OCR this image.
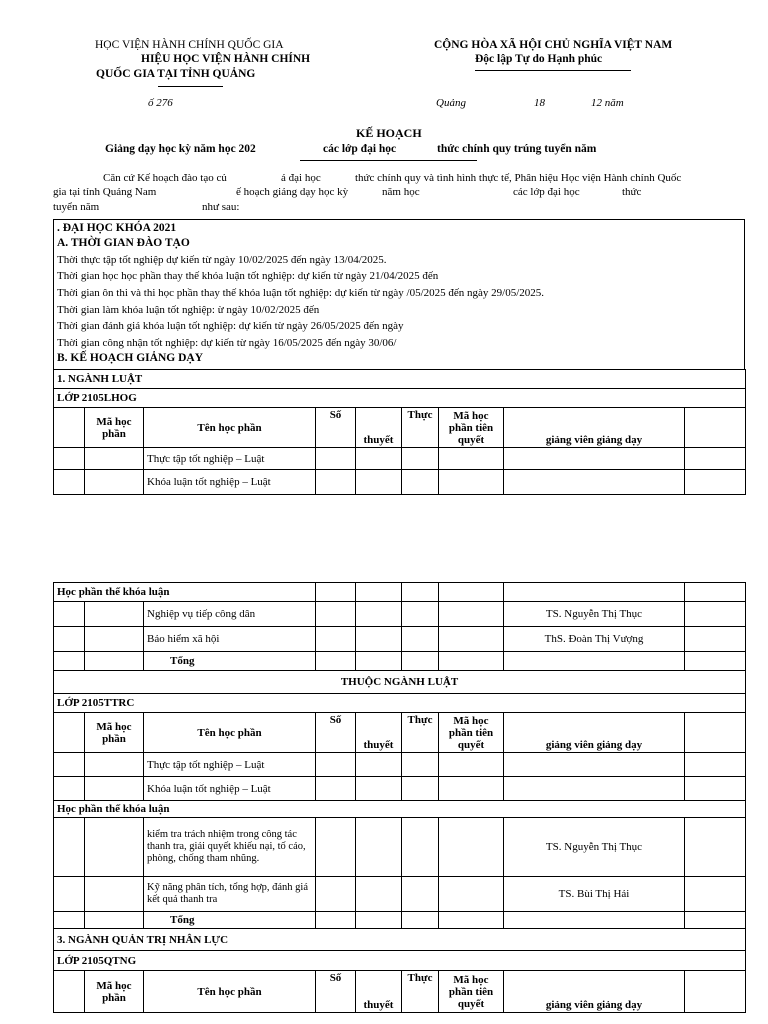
HỌC VIỆN HÀNH CHÍNH QUỐC GIA
HIỆU HỌC VIỆN HÀNH CHÍNH
QUỐC GIA TẠI TỈNH QUẢNG
CỘNG HÒA XÃ HỘI CHỦ NGHĨA VIỆT NAM
Độc lập Tự do Hạnh phúc
ố 276	Quảng	18	12 năm
KẾ HOẠCH
Giảng dạy học kỳ năm học 202	các lớp đại học	thức chính quy trúng tuyển năm
Căn cứ Kế hoạch đào tạo củ	á đại học	thức chính quy và tình hình thực tế, Phân hiệu Học viện Hành chính Quốc
gia tại tỉnh Quảng Nam	ế hoạch giảng dạy học kỳ	năm học	các lớp đại học	thức
tuyển năm	như sau:
. ĐẠI HỌC KHÓA 2021
A. THỜI GIAN ĐÀO TẠO
Thời thực tập tốt nghiệp dự kiến từ ngày 10/02/2025 đến ngày 13/04/2025.
Thời gian học học phần thay thế khóa luận tốt nghiệp: dự kiến từ ngày 21/04/2025 đến
Thời gian ôn thi và thi học phần thay thế khóa luận tốt nghiệp: dự kiến từ ngày /05/2025 đến ngày 29/05/2025.
Thời gian làm khóa luận tốt nghiệp: ừ ngày 10/02/2025 đến
Thời gian đánh giá khóa luận tốt nghiệp: dự kiến từ ngày 26/05/2025 đến ngày
Thời gian công nhận tốt nghiệp: dự kiến từ ngày 16/05/2025 đến ngày 30/06/
B. KẾ HOẠCH GIẢNG DẠY
1. NGÀNH LUẬT								
LỚP 2105LHOG								
	Mã học phần	Tên học phần	Số	thuyết	Thực	Mã học phần tiên quyết	giảng viên giảng dạy	
		Thực tập tốt nghiệp – Luật						
		Khóa luận tốt nghiệp – Luật						
Học phần thế khóa luận								
		Nghiệp vụ tiếp công dân					TS. Nguyễn Thị Thục	
		Bảo hiểm xã hội					ThS. Đoàn Thị Vượng	
		Tổng						
THUỘC NGÀNH LUẬT								
LỚP 2105TTRC								
	Mã học phần	Tên học phần	Số	thuyết	Thực	Mã học phần tiên quyết	giảng viên giảng dạy	
		Thực tập tốt nghiệp – Luật						
		Khóa luận tốt nghiệp – Luật						
Học phần thế khóa luận								
		kiểm tra trách nhiệm trong công tác thanh tra, giải quyết khiếu nại, tố cáo, phòng, chống tham nhũng.					TS. Nguyễn Thị Thục	
		Kỹ năng phân tích, tổng hợp, đánh giá kết quả thanh tra					TS. Bùi Thị Hải	
		Tổng						
3. NGÀNH QUẢN TRỊ NHÂN LỰC								
LỚP 2105QTNG								
	Mã học phần	Tên học phần	Số	thuyết	Thực	Mã học phần tiên quyết	giảng viên giảng dạy	
